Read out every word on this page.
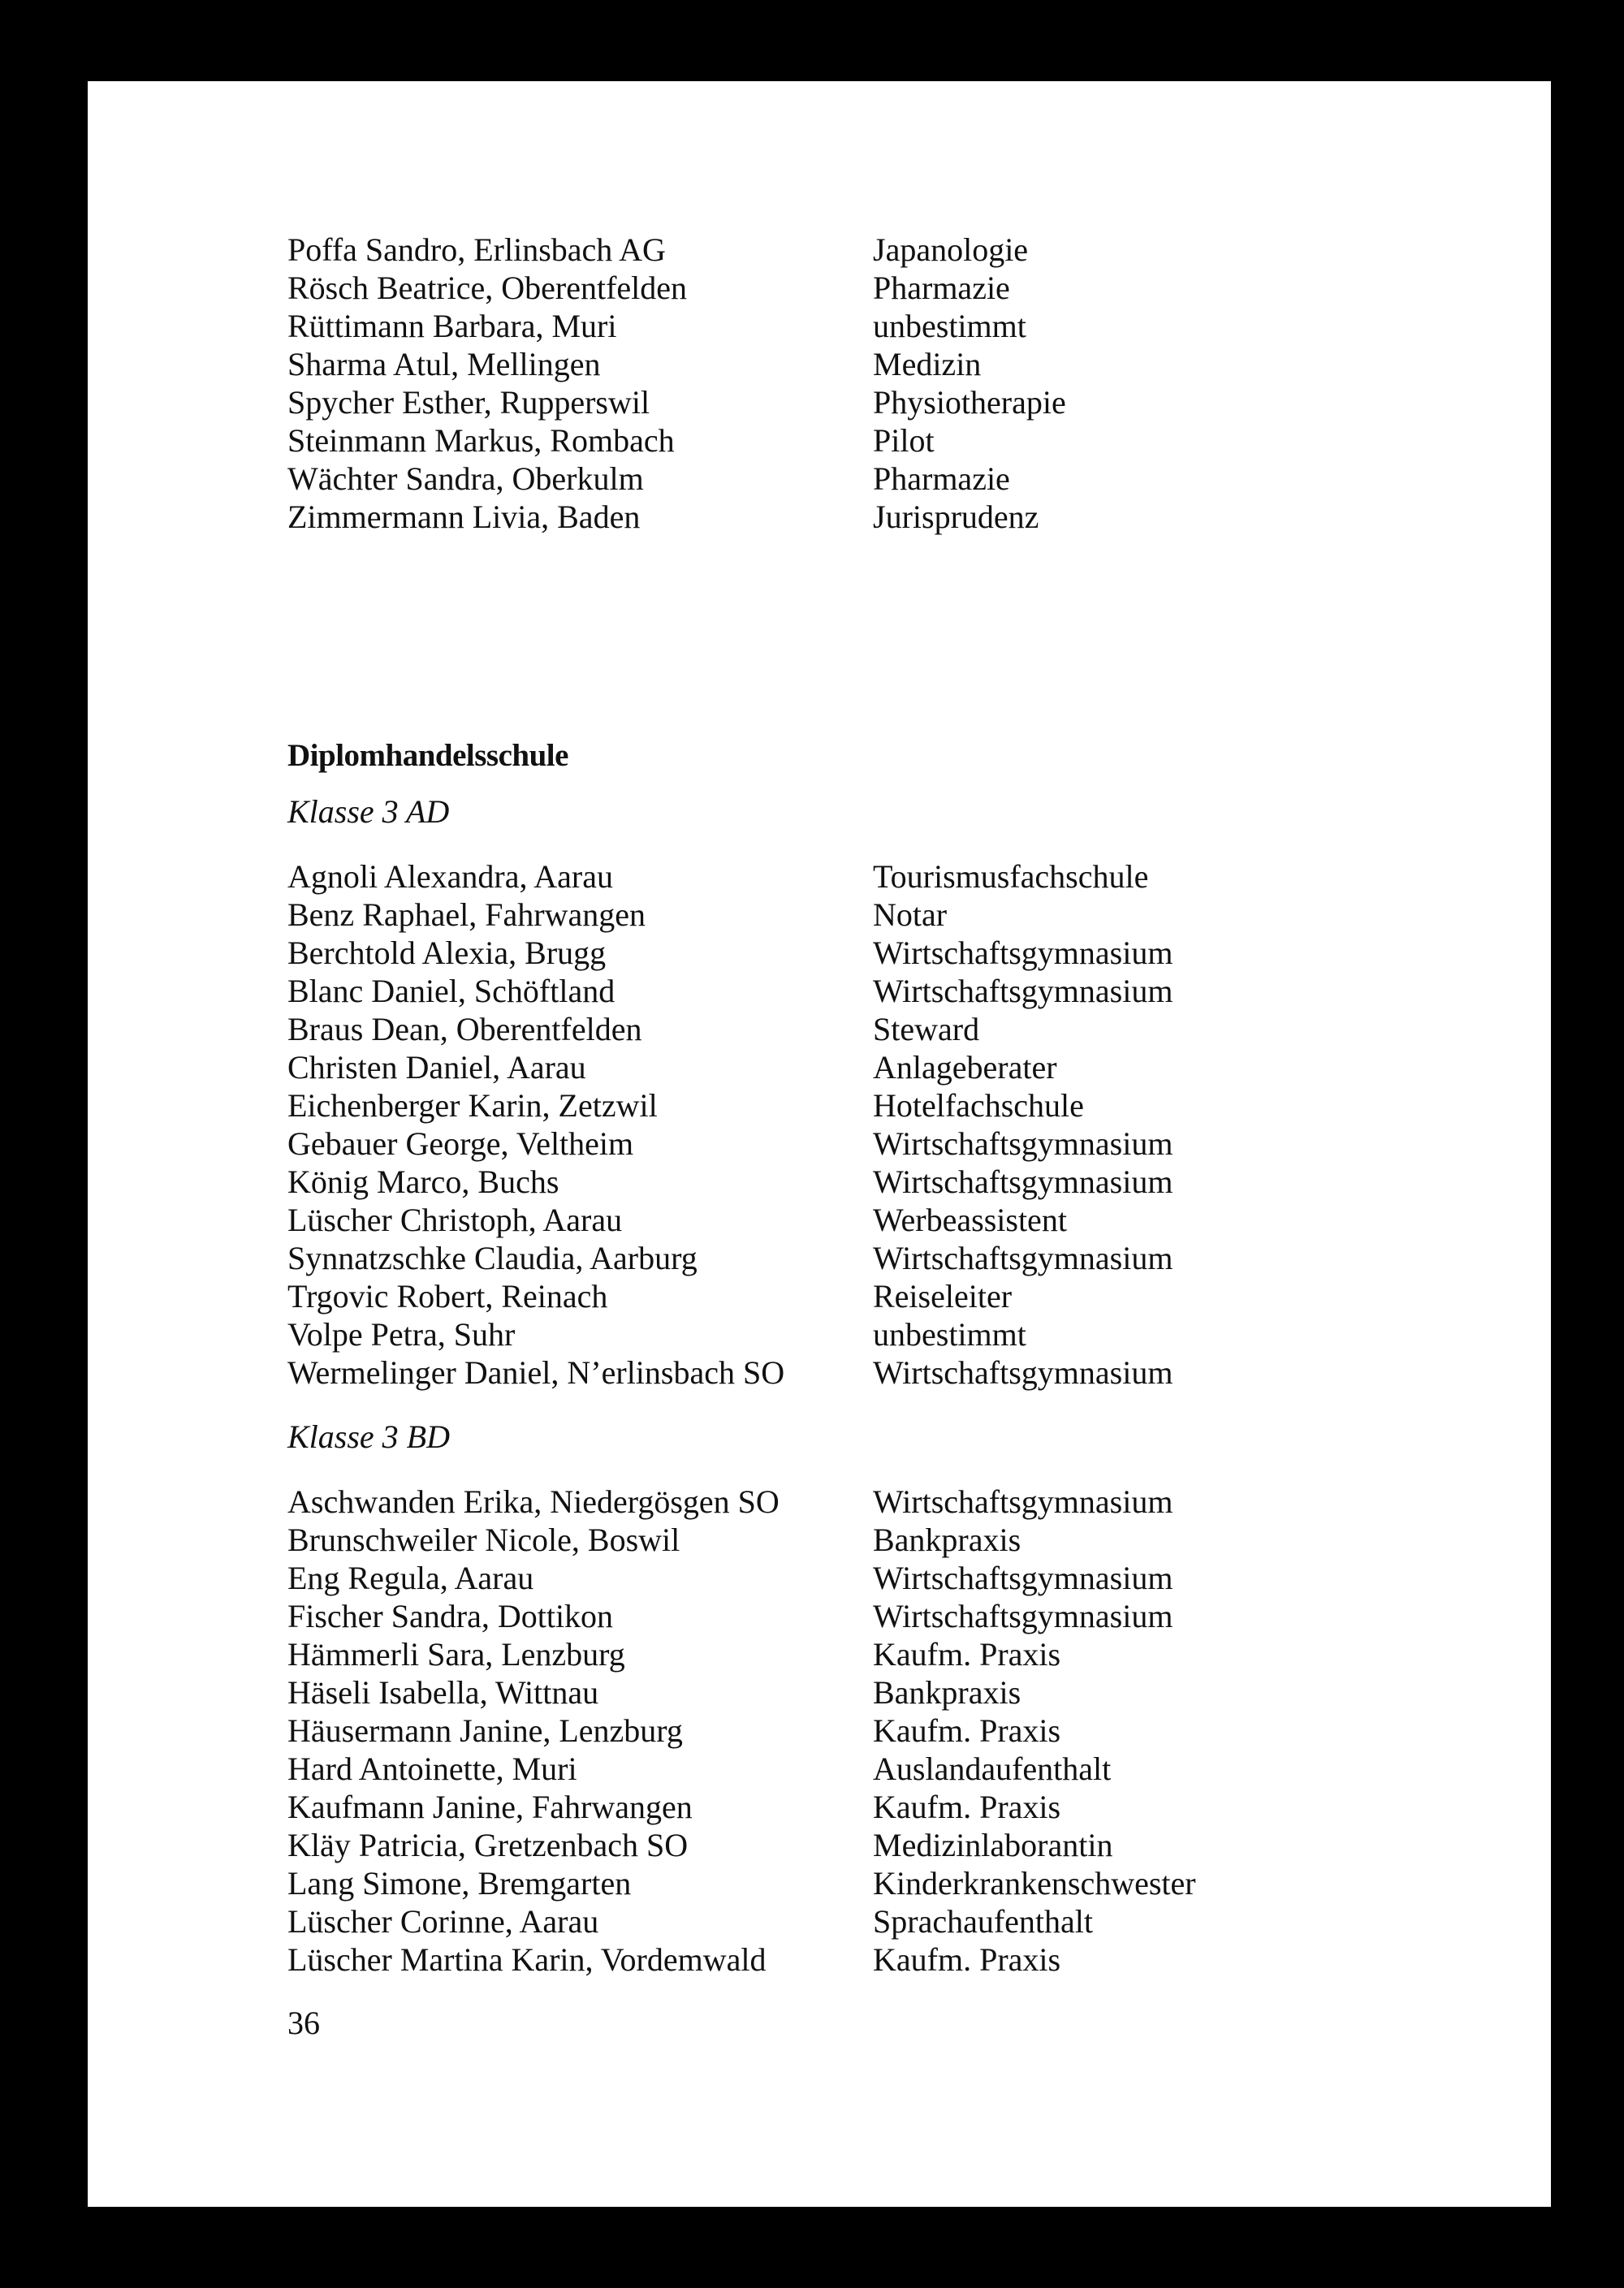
Poffa Sandro, Erlinsbach AG	Japanologie
Rösch Beatrice, Oberentfelden	Pharmazie
Rüttimann Barbara, Muri	unbestimmt
Sharma Atul, Mellingen	Medizin
Spycher Esther, Rupperswil	Physiotherapie
Steinmann Markus, Rombach	Pilot
Wächter Sandra, Oberkulm	Pharmazie
Zimmermann Livia, Baden	Jurisprudenz
Diplomhandelsschule
Klasse 3 AD
Agnoli Alexandra, Aarau	Tourismusfachschule
Benz Raphael, Fahrwangen	Notar
Berchtold Alexia, Brugg	Wirtschaftsgymnasium
Blanc Daniel, Schöftland	Wirtschaftsgymnasium
Braus Dean, Oberentfelden	Steward
Christen Daniel, Aarau	Anlageberater
Eichenberger Karin, Zetzwil	Hotelfachschule
Gebauer George, Veltheim	Wirtschaftsgymnasium
König Marco, Buchs	Wirtschaftsgymnasium
Lüscher Christoph, Aarau	Werbeassistent
Synnatzschke Claudia, Aarburg	Wirtschaftsgymnasium
Trgovic Robert, Reinach	Reiseleiter
Volpe Petra, Suhr	unbestimmt
Wermelinger Daniel, N’erlinsbach SO	Wirtschaftsgymnasium
Klasse 3 BD
Aschwanden Erika, Niedergösgen SO	Wirtschaftsgymnasium
Brunschweiler Nicole, Boswil	Bankpraxis
Eng Regula, Aarau	Wirtschaftsgymnasium
Fischer Sandra, Dottikon	Wirtschaftsgymnasium
Hämmerli Sara, Lenzburg	Kaufm. Praxis
Häseli Isabella, Wittnau	Bankpraxis
Häusermann Janine, Lenzburg	Kaufm. Praxis
Hard Antoinette, Muri	Auslandaufenthalt
Kaufmann Janine, Fahrwangen	Kaufm. Praxis
Kläy Patricia, Gretzenbach SO	Medizinlaborantin
Lang Simone, Bremgarten	Kinderkrankenschwester
Lüscher Corinne, Aarau	Sprachaufenthalt
Lüscher Martina Karin, Vordemwald	Kaufm. Praxis
36
